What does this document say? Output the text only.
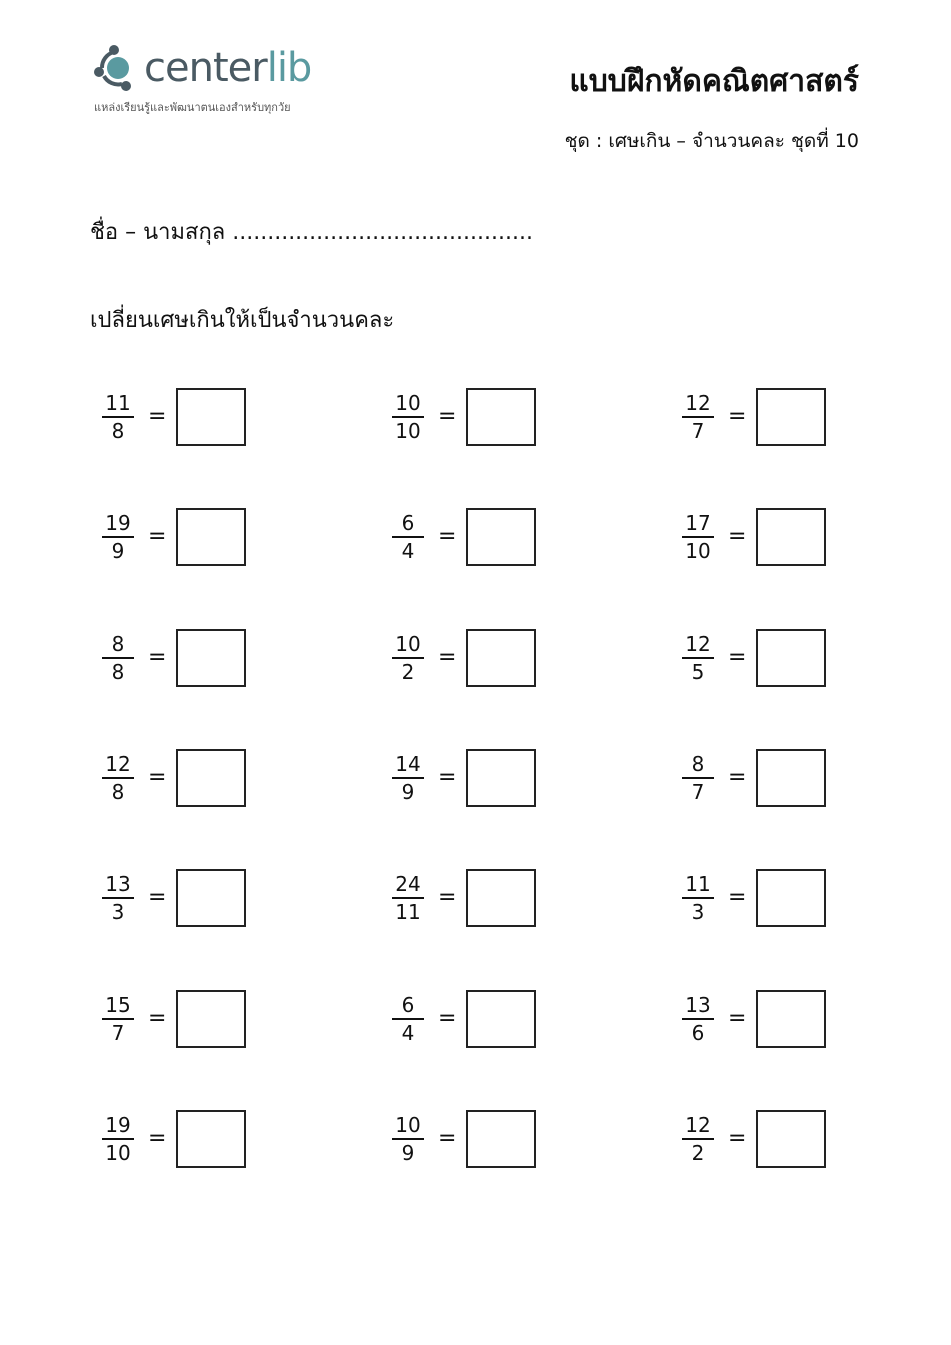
centerlib
แหล่งเรียนรู้และพัฒนาตนเองสำหรับทุกวัย
แบบฝึกหัดคณิตศาสตร์
ชุด : เศษเกิน – จำนวนคละ ชุดที่ 10
ชื่อ – นามสกุล ...........................................
เปลี่ยนเศษเกินให้เป็นจำนวนคละ
11
8
=
10
10
=
12
7
=
19
9
=
6
4
=
17
10
=
8
8
=
10
2
=
12
5
=
12
8
=
14
9
=
8
7
=
13
3
=
24
11
=
11
3
=
15
7
=
6
4
=
13
6
=
19
10
=
10
9
=
12
2
=
